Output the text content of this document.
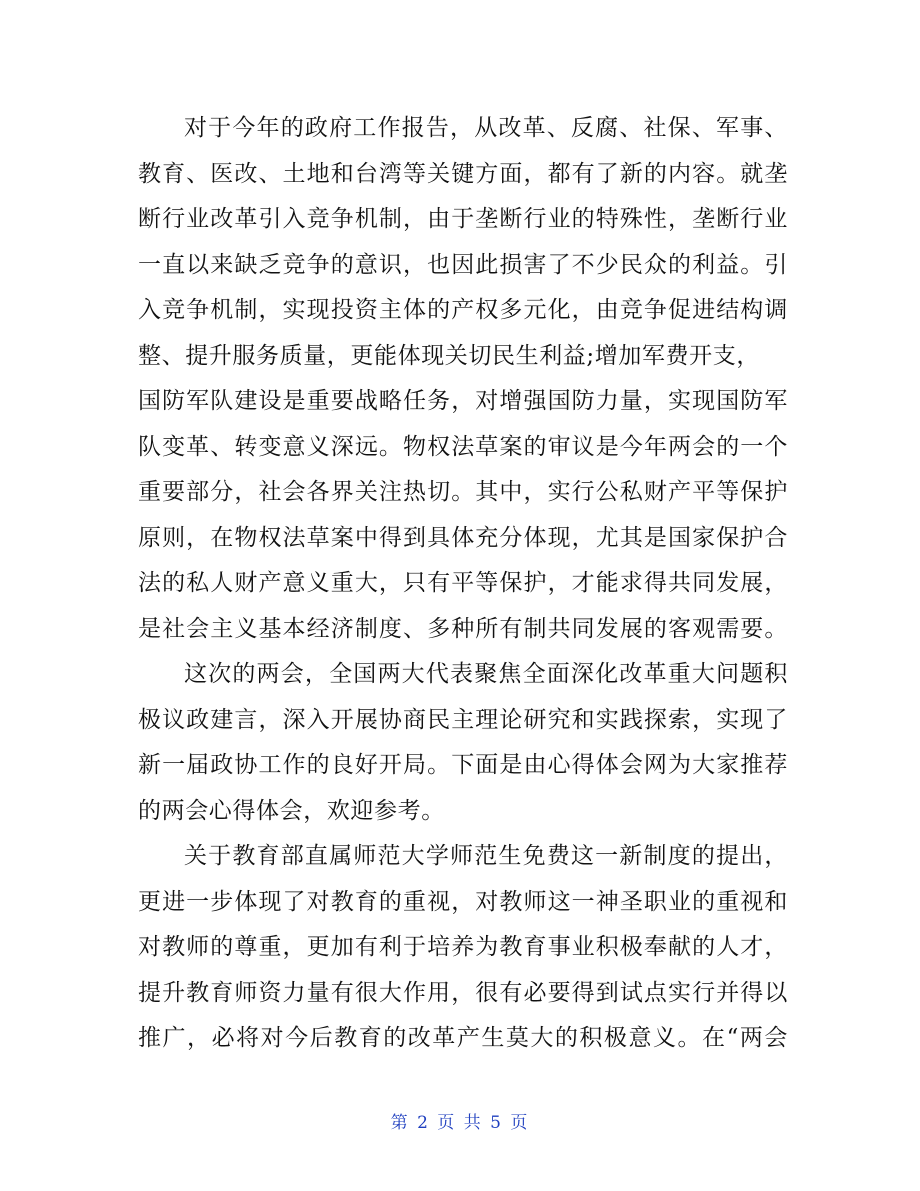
对于今年的政府工作报告，从改革、反腐、社保、军事、
教育、医改、土地和台湾等关键方面，都有了新的内容。就垄
断行业改革引入竞争机制，由于垄断行业的特殊性，垄断行业
一直以来缺乏竞争的意识，也因此损害了不少民众的利益。引
入竞争机制，实现投资主体的产权多元化，由竞争促进结构调
整、提升服务质量，更能体现关切民生利益;增加军费开支，
国防军队建设是重要战略任务，对增强国防力量，实现国防军
队变革、转变意义深远。物权法草案的审议是今年两会的一个
重要部分，社会各界关注热切。其中，实行公私财产平等保护
原则，在物权法草案中得到具体充分体现，尤其是国家保护合
法的私人财产意义重大，只有平等保护，才能求得共同发展，
是社会主义基本经济制度、多种所有制共同发展的客观需要。
这次的两会，全国两大代表聚焦全面深化改革重大问题积
极议政建言，深入开展协商民主理论研究和实践探索，实现了
新一届政协工作的良好开局。下面是由心得体会网为大家推荐
的两会心得体会，欢迎参考。
关于教育部直属师范大学师范生免费这一新制度的提出，
更进一步体现了对教育的重视，对教师这一神圣职业的重视和
对教师的尊重，更加有利于培养为教育事业积极奉献的人才，
提升教育师资力量有很大作用，很有必要得到试点实行并得以
推广，必将对今后教育的改革产生莫大的积极意义。在“两会
第 2 页 共 5 页
